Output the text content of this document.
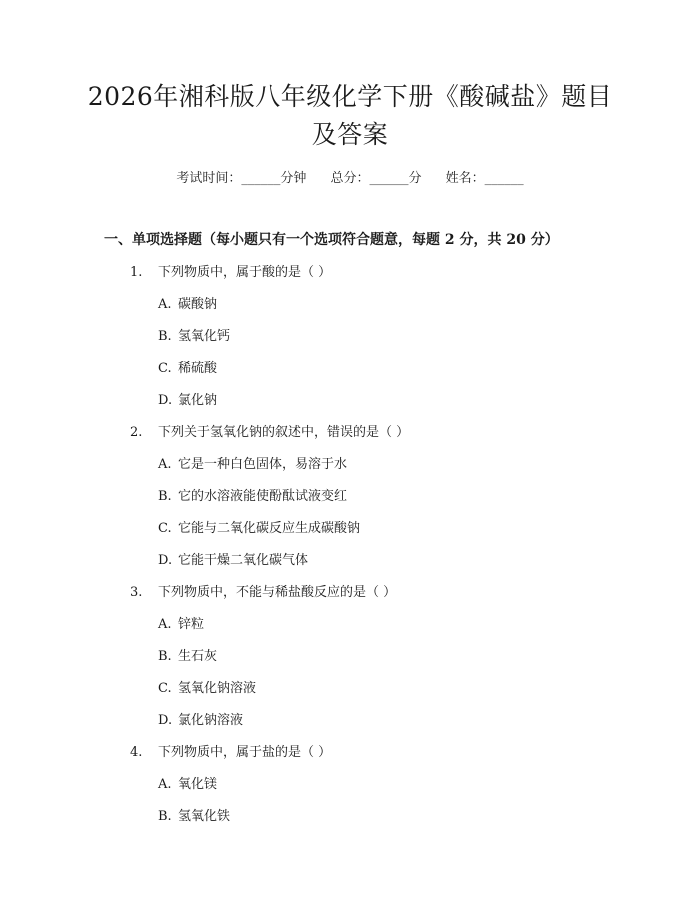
2026年湘科版八年级化学下册《酸碱盐》题目及答案
考试时间：______分钟 总分：______分 姓名：______
一、单项选择题（每小题只有一个选项符合题意，每题 2 分，共 20 分）
1. 下列物质中，属于酸的是（ ）
A. 碳酸钠
B. 氢氧化钙
C. 稀硫酸
D. 氯化钠
2. 下列关于氢氧化钠的叙述中，错误的是（ ）
A. 它是一种白色固体，易溶于水
B. 它的水溶液能使酚酞试液变红
C. 它能与二氧化碳反应生成碳酸钠
D. 它能干燥二氧化碳气体
3. 下列物质中，不能与稀盐酸反应的是（ ）
A. 锌粒
B. 生石灰
C. 氢氧化钠溶液
D. 氯化钠溶液
4. 下列物质中，属于盐的是（ ）
A. 氧化镁
B. 氢氧化铁
